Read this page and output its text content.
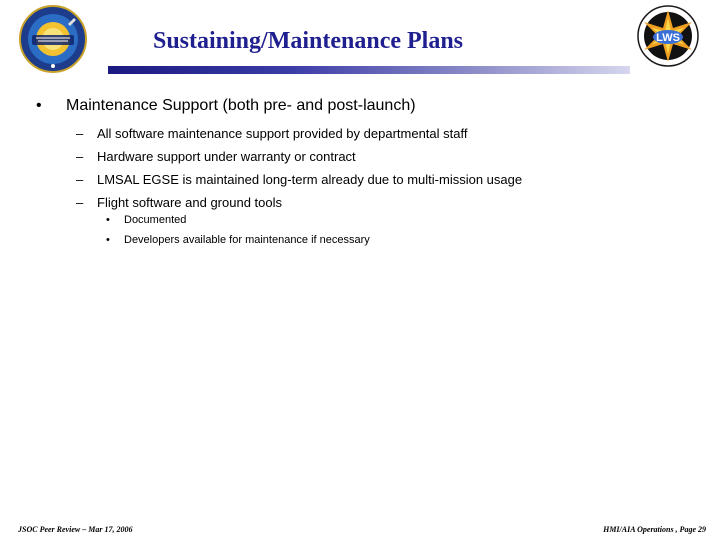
LWS
Sustaining/Maintenance Plans
• Maintenance Support (both pre- and post-launch)
– All software maintenance support provided by departmental staff
– Hardware support under warranty or contract
– LMSAL EGSE is maintained long-term already due to multi-mission usage
– Flight software and ground tools
• Documented
• Developers available for maintenance if necessary
JSOC Peer Review – Mar 17, 2006	HMI/AIA Operations , Page 29
